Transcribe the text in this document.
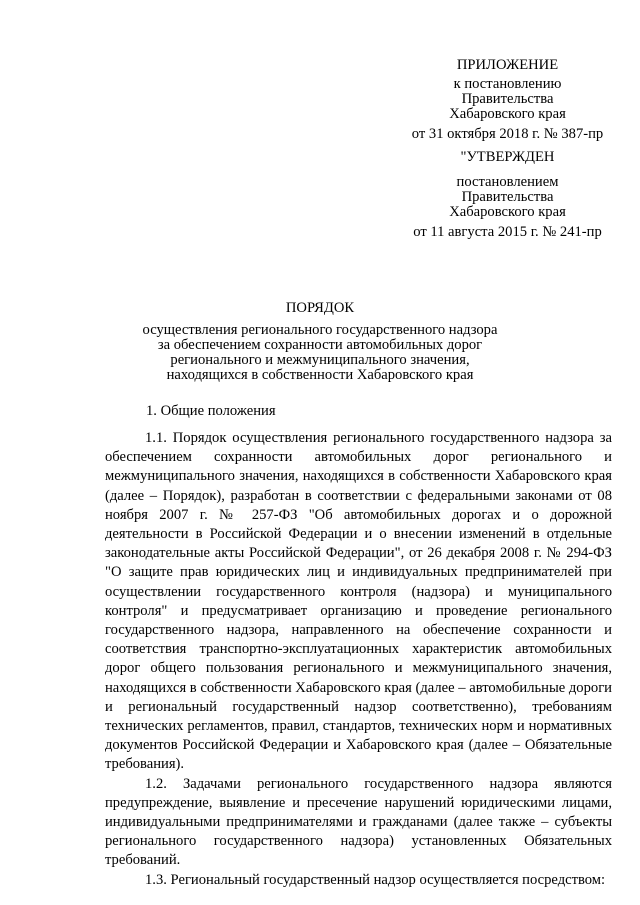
ПРИЛОЖЕНИЕ
к постановлению
Правительства
Хабаровского края
от 31 октября 2018 г. № 387-пр
"УТВЕРЖДЕН
постановлением
Правительства
Хабаровского края
от 11 августа 2015 г. № 241-пр
ПОРЯДОК
осуществления регионального государственного надзора
за обеспечением сохранности автомобильных дорог
регионального и межмуниципального значения,
находящихся в собственности Хабаровского края
1. Общие положения

1.1. Порядок осуществления регионального государственного надзора за обеспечением сохранности автомобильных дорог регионального и межмуниципального значения, находящихся в собственности Хабаровского края (далее – Порядок), разработан в соответствии с федеральными законами от 08 ноября 2007 г. № 257-ФЗ "Об автомобильных дорогах и о дорожной деятельности в Российской Федерации и о внесении изменений в отдельные законодательные акты Российской Федерации", от 26 декабря 2008 г. № 294-ФЗ "О защите прав юридических лиц и индивидуальных предпринимателей при осуществлении государственного контроля (надзора) и муниципального контроля" и предусматривает организацию и проведение регионального государственного надзора, направленного на обеспечение сохранности и соответствия транспортно-эксплуатационных характеристик автомобильных дорог общего пользования регионального и межмуниципального значения, находящихся в собственности Хабаровского края (далее – автомобильные дороги и региональный государственный надзор соответственно), требованиям технических регламентов, правил, стандартов, технических норм и нормативных документов Российской Федерации и Хабаровского края (далее – Обязательные требования).

1.2. Задачами регионального государственного надзора являются предупреждение, выявление и пресечение нарушений юридическими лицами, индивидуальными предпринимателями и гражданами (далее также – субъекты регионального государственного надзора) установленных Обязательных требований.

1.3. Региональный государственный надзор осуществляется посредством:
